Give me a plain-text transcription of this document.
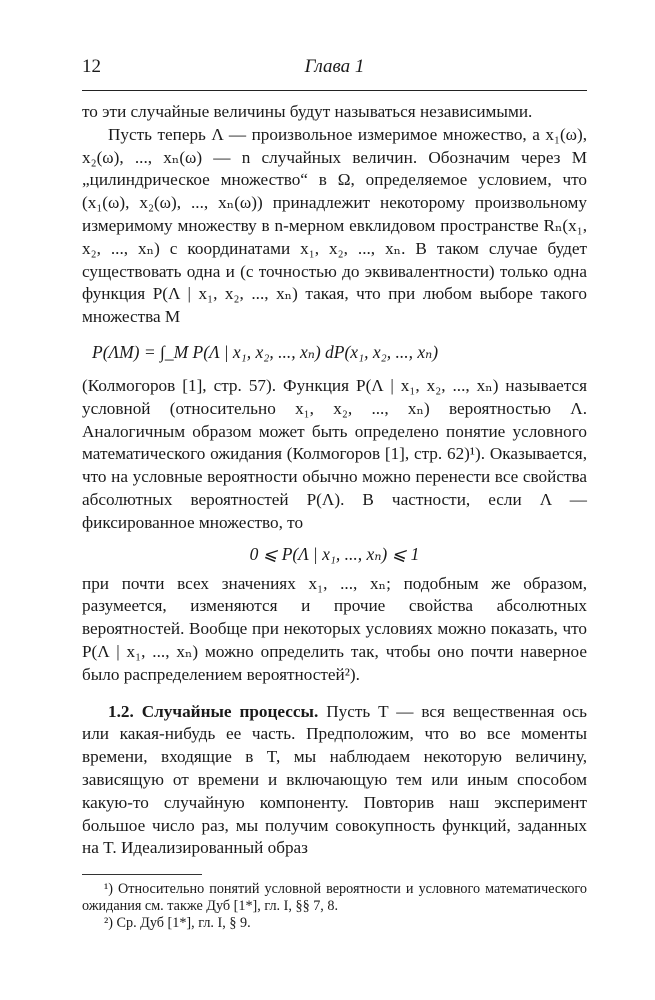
12	Глава 1

то эти случайные величины будут называться независимыми.

Пусть теперь Λ — произвольное измеримое множество, а x₁(ω), x₂(ω), ..., xₙ(ω) — n случайных величин. Обозначим через M „цилиндрическое множество“ в Ω, определяемое условием, что (x₁(ω), x₂(ω), ..., xₙ(ω)) принадлежит некоторому произвольному измеримому множеству в n-мерном евклидовом пространстве Rₙ(x₁, x₂, ..., xₙ) с координатами x₁, x₂, ..., xₙ. В таком случае будет существовать одна и (с точностью до эквивалентности) только одна функция P(Λ | x₁, x₂, ..., xₙ) такая, что при любом выборе такого множества M

P(ΛM) = ∫_M P(Λ | x₁, x₂, ..., xₙ) dP(x₁, x₂, ..., xₙ)

(Колмогоров [1], стр. 57). Функция P(Λ | x₁, x₂, ..., xₙ) называется условной (относительно x₁, x₂, ..., xₙ) вероятностью Λ. Аналогичным образом может быть определено понятие условного математического ожидания (Колмогоров [1], стр. 62)¹). Оказывается, что на условные вероятности обычно можно перенести все свойства абсолютных вероятностей P(Λ). В частности, если Λ — фиксированное множество, то

0 ⩽ P(Λ | x₁, ..., xₙ) ⩽ 1

при почти всех значениях x₁, ..., xₙ; подобным же образом, разумеется, изменяются и прочие свойства абсолютных вероятностей. Вообще при некоторых условиях можно показать, что P(Λ | x₁, ..., xₙ) можно определить так, чтобы оно почти наверное было распределением вероятностей²).

1.2. Случайные процессы. Пусть T — вся вещественная ось или какая-нибудь ее часть. Предположим, что во все моменты времени, входящие в T, мы наблюдаем некоторую величину, зависящую от времени и включающую тем или иным способом какую-то случайную компоненту. Повторив наш эксперимент большое число раз, мы получим совокупность функций, заданных на T. Идеализированный образ

¹) Относительно понятий условной вероятности и условного математического ожидания см. также Дуб [1*], гл. I, §§ 7, 8.

²) Ср. Дуб [1*], гл. I, § 9.
